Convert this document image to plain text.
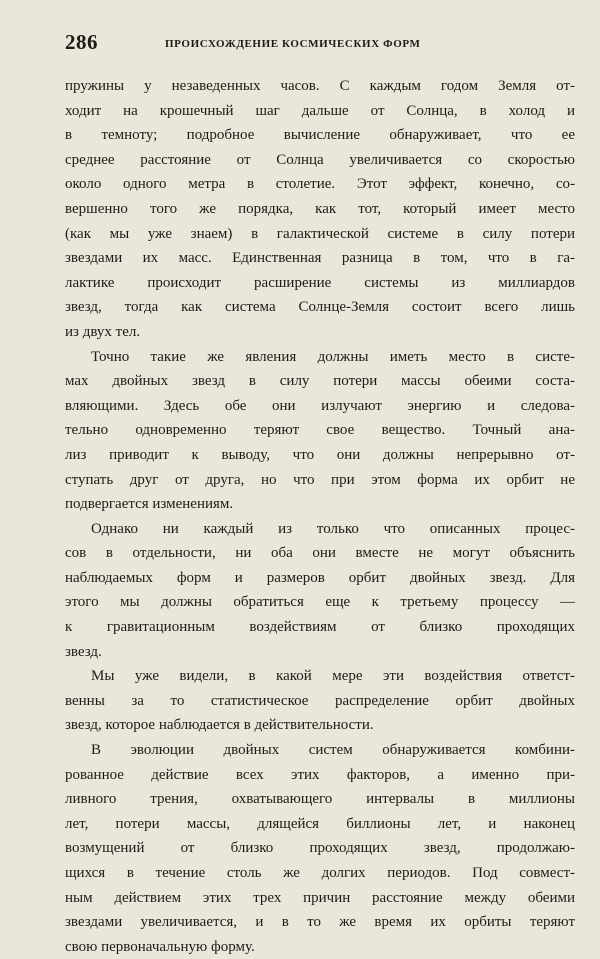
286	ПРОИСХОЖДЕНИЕ КОСМИЧЕСКИХ ФОРМ
пружины у незаведенных часов. С каждым годом Земля от-
ходит на крошечный шаг дальше от Солнца, в холод и
в темноту; подробное вычисление обнаруживает, что ее
среднее расстояние от Солнца увеличивается со скоростью
около одного метра в столетие. Этот эффект, конечно, со-
вершенно того же порядка, как тот, который имеет место
(как мы уже знаем) в галактической системе в силу потери
звездами их масс. Единственная разница в том, что в га-
лактике происходит расширение системы из миллиардов
звезд, тогда как система Солнце-Земля состоит всего лишь
из двух тел.
Точно такие же явления должны иметь место в систе-
мах двойных звезд в силу потери массы обеими соста-
вляющими. Здесь обе они излучают энергию и следова-
тельно одновременно теряют свое вещество. Точный ана-
лиз приводит к выводу, что они должны непрерывно от-
ступать друг от друга, но что при этом форма их орбит не
подвергается изменениям.
Однако ни каждый из только что описанных процес-
сов в отдельности, ни оба они вместе не могут объяснить
наблюдаемых форм и размеров орбит двойных звезд. Для
этого мы должны обратиться еще к третьему процессу —
к гравитационным воздействиям от близко проходящих
звезд.
Мы уже видели, в какой мере эти воздействия ответст-
венны за то статистическое распределение орбит двойных
звезд, которое наблюдается в действительности.
В эволюции двойных систем обнаруживается комбини-
рованное действие всех этих факторов, а именно при-
ливного трения, охватывающего интервалы в миллионы
лет, потери массы, длящейся биллионы лет, и наконец
возмущений от близко проходящих звезд, продолжаю-
щихся в течение столь же долгих периодов. Под совмест-
ным действием этих трех причин расстояние между обеими
звездами увеличивается, и в то же время их орбиты теряют
свою первоначальную форму.
